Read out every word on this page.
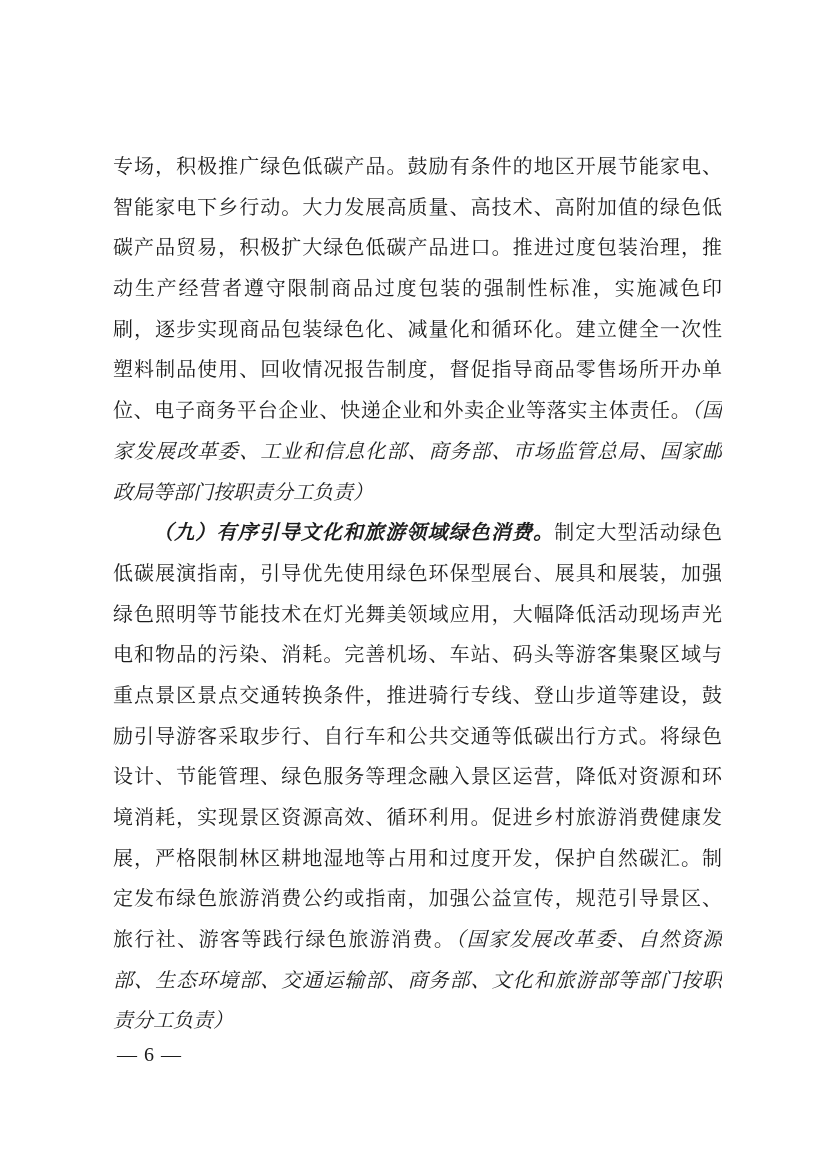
专场，积极推广绿色低碳产品。鼓励有条件的地区开展节能家电、
智能家电下乡行动。大力发展高质量、高技术、高附加值的绿色低
碳产品贸易，积极扩大绿色低碳产品进口。推进过度包装治理，推
动生产经营者遵守限制商品过度包装的强制性标准，实施减色印
刷，逐步实现商品包装绿色化、减量化和循环化。建立健全一次性
塑料制品使用、回收情况报告制度，督促指导商品零售场所开办单
位、电子商务平台企业、快递企业和外卖企业等落实主体责任。（国
家发展改革委、工业和信息化部、商务部、市场监管总局、国家邮
政局等部门按职责分工负责）
（九）有序引导文化和旅游领域绿色消费。制定大型活动绿色
低碳展演指南，引导优先使用绿色环保型展台、展具和展装，加强
绿色照明等节能技术在灯光舞美领域应用，大幅降低活动现场声光
电和物品的污染、消耗。完善机场、车站、码头等游客集聚区域与
重点景区景点交通转换条件，推进骑行专线、登山步道等建设，鼓
励引导游客采取步行、自行车和公共交通等低碳出行方式。将绿色
设计、节能管理、绿色服务等理念融入景区运营，降低对资源和环
境消耗，实现景区资源高效、循环利用。促进乡村旅游消费健康发
展，严格限制林区耕地湿地等占用和过度开发，保护自然碳汇。制
定发布绿色旅游消费公约或指南，加强公益宣传，规范引导景区、
旅行社、游客等践行绿色旅游消费。（国家发展改革委、自然资源
部、生态环境部、交通运输部、商务部、文化和旅游部等部门按职
责分工负责）
— 6 —
